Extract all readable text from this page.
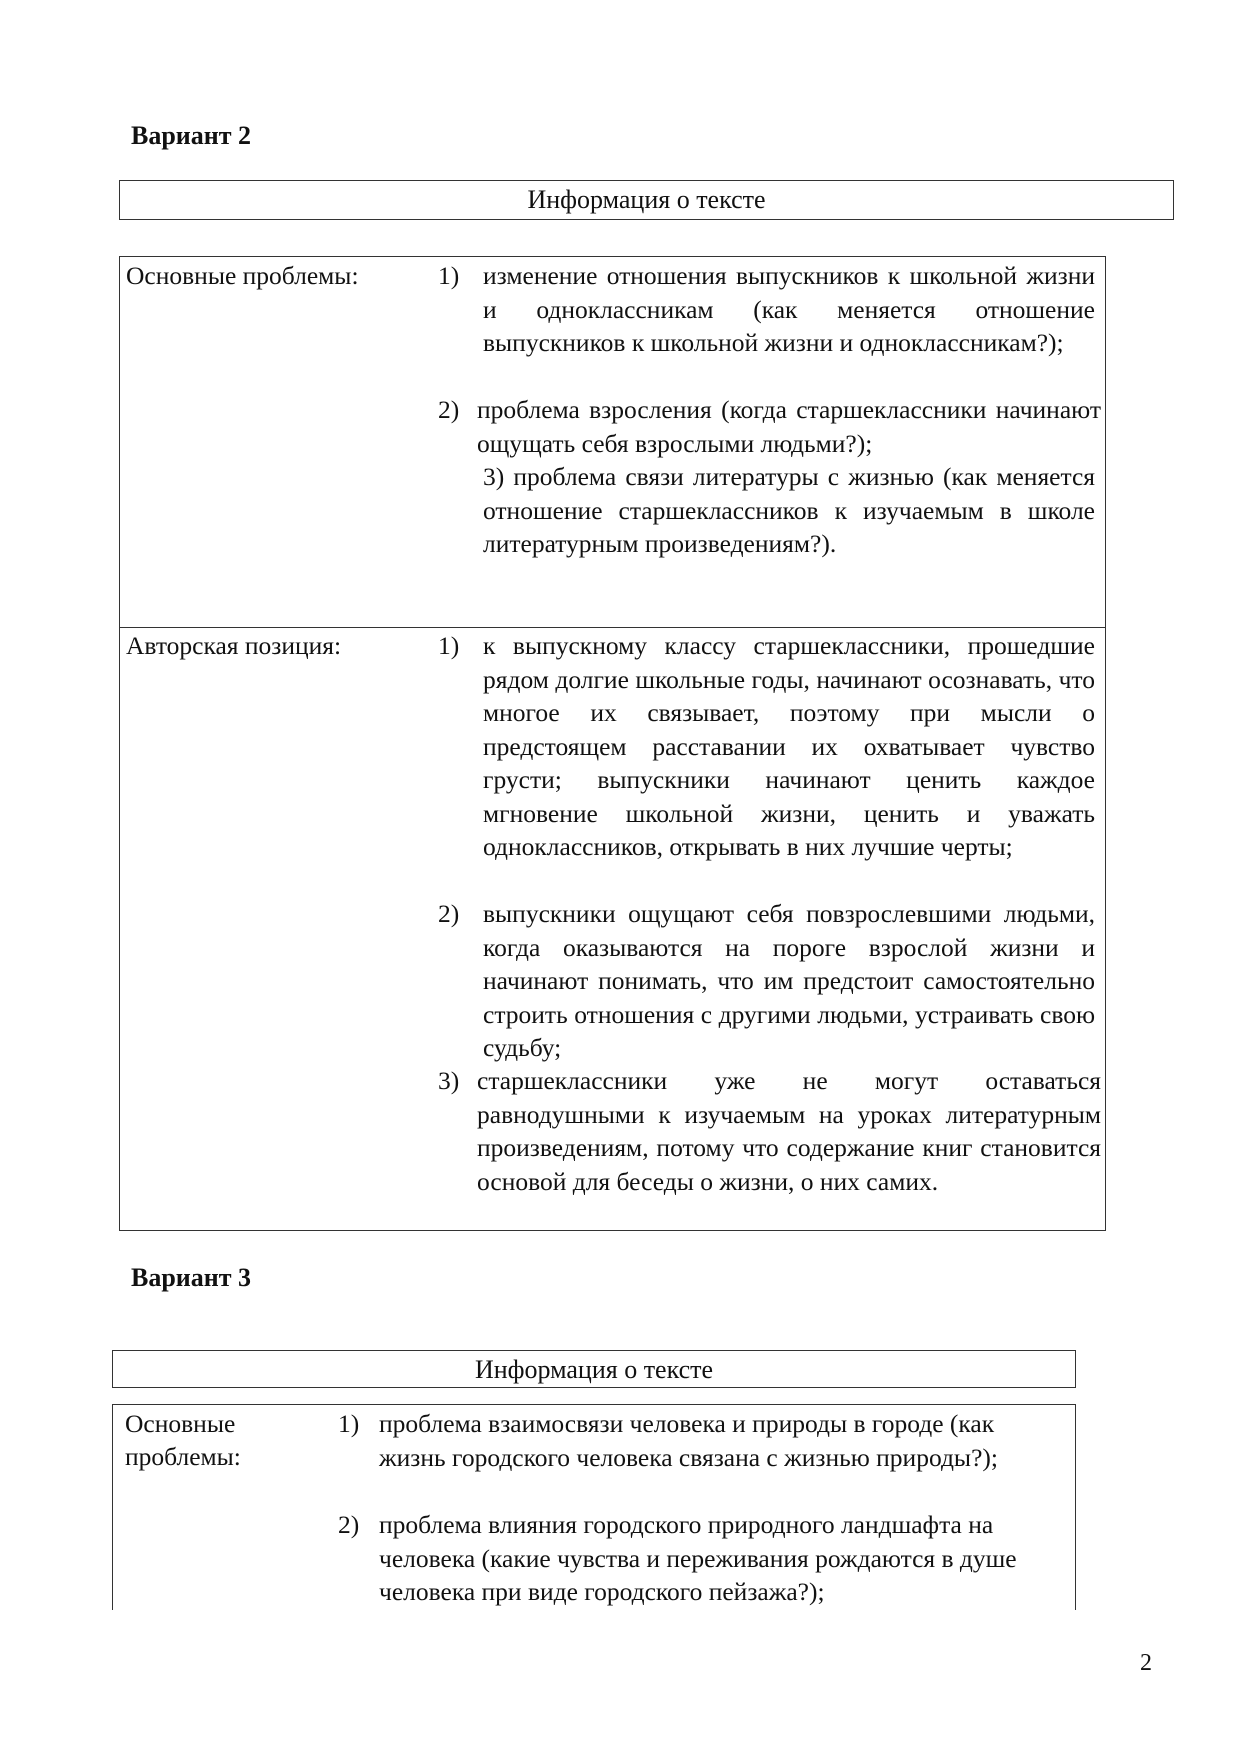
Вариант 2
Информация о тексте
Основные проблемы:	1) изменение отношения выпускников к школьной жизни и одноклассникам (как меняется отношение выпускников к школьной жизни и одноклассникам?);
2) проблема взросления (когда старшеклассники начинают ощущать себя взрослыми людьми?);
3) проблема связи литературы с жизнью (как меняется отношение старшеклассников к изучаемым в школе литературным произведениям?).
Авторская позиция:	1) к выпускному классу старшеклассники, прошедшие рядом долгие школьные годы, начинают осознавать, что многое их связывает, поэтому при мысли о предстоящем расставании их охватывает чувство грусти; выпускники начинают ценить каждое мгновение школьной жизни, ценить и уважать одноклассников, открывать в них лучшие черты;
2) выпускники ощущают себя повзрослевшими людьми, когда оказываются на пороге взрослой жизни и начинают понимать, что им предстоит самостоятельно строить отношения с другими людьми, устраивать свою судьбу;
3) старшеклассники уже не могут оставаться равнодушными к изучаемым на уроках литературным произведениям, потому что содержание книг становится основой для беседы о жизни, о них самих.
Вариант 3
Информация о тексте
Основные
проблемы:
1) проблема взаимосвязи человека и природы в городе (как жизнь городского человека связана с жизнью природы?);
2) проблема влияния городского природного ландшафта на человека (какие чувства и переживания рождаются в душе человека при виде городского пейзажа?);
2
